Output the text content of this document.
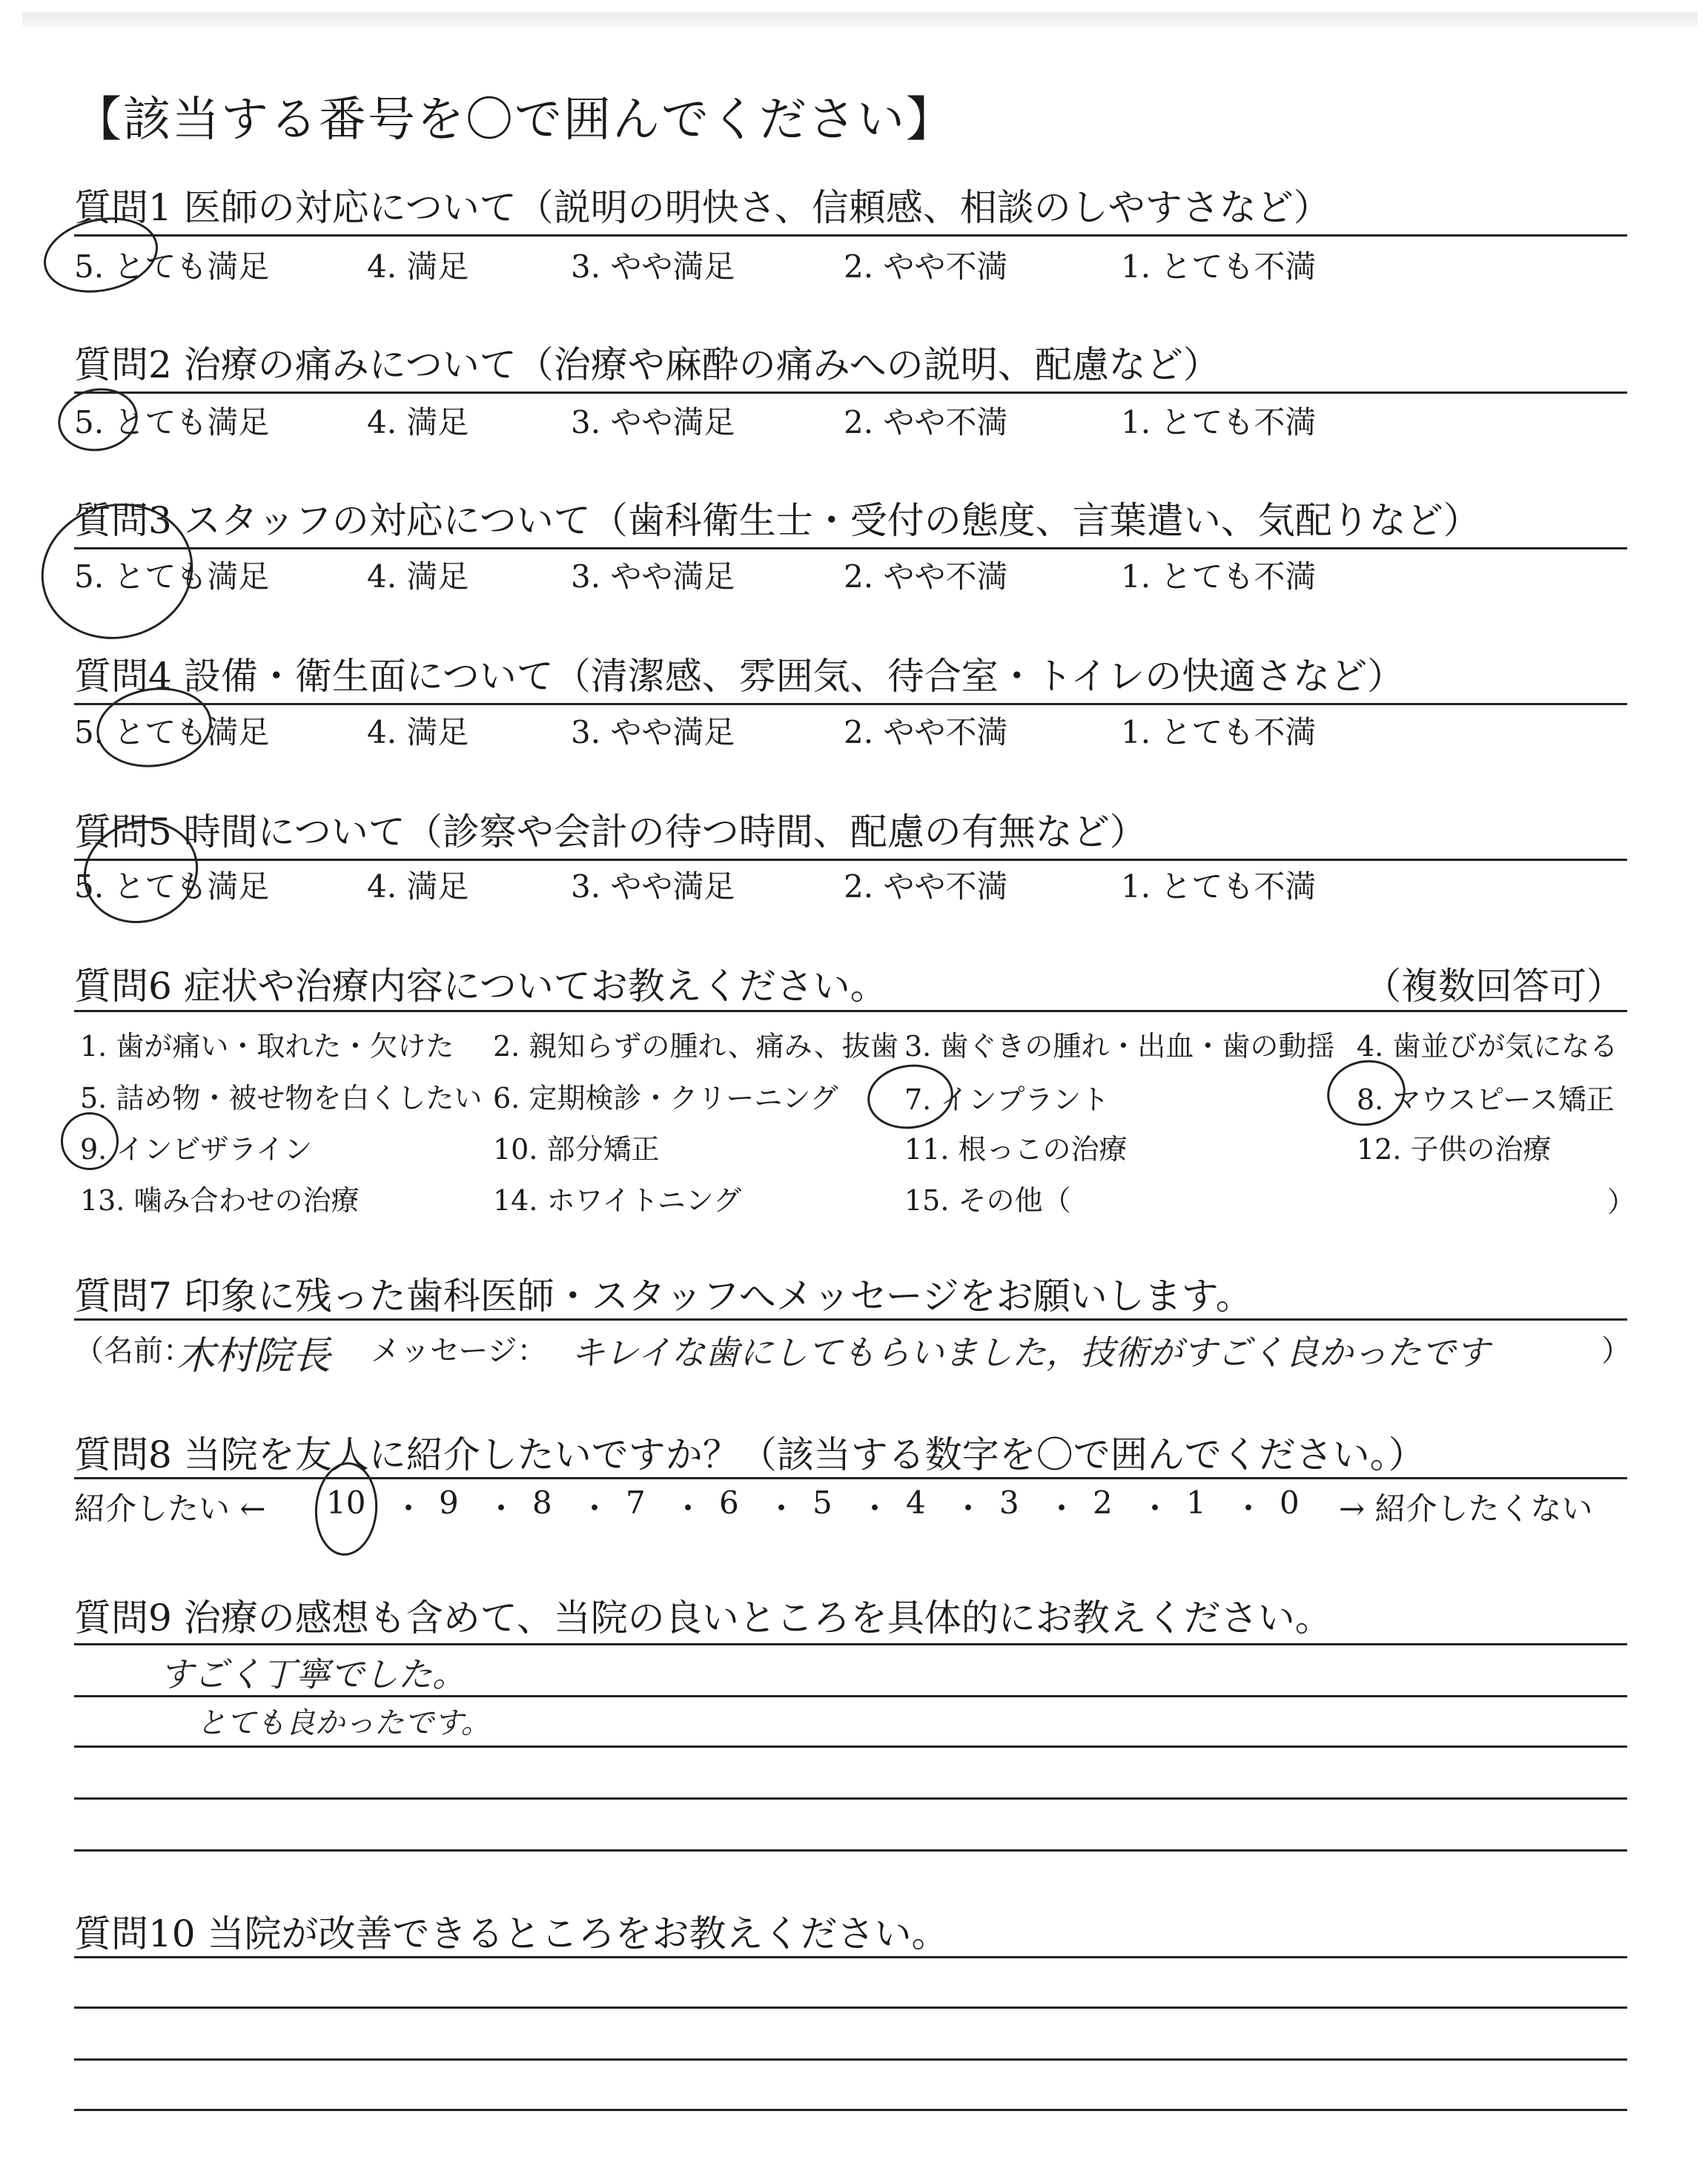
【該当する番号を〇で囲んでください】
質問1 医師の対応について（説明の明快さ、信頼感、相談のしやすさなど）
5. とても満足	4. 満足	3. やや満足	2. やや不満	1. とても不満
質問2 治療の痛みについて（治療や麻酔の痛みへの説明、配慮など）
5. とても満足	4. 満足	3. やや満足	2. やや不満	1. とても不満
質問3 スタッフの対応について（歯科衛生士・受付の態度、言葉遣い、気配りなど）
5. とても満足	4. 満足	3. やや満足	2. やや不満	1. とても不満
質問4 設備・衛生面について（清潔感、雰囲気、待合室・トイレの快適さなど）
5. とても満足	4. 満足	3. やや満足	2. やや不満	1. とても不満
質問5 時間について（診察や会計の待つ時間、配慮の有無など）
5. とても満足	4. 満足	3. やや満足	2. やや不満	1. とても不満
質問6 症状や治療内容についてお教えください。	（複数回答可）
1. 歯が痛い・取れた・欠けた 2. 親知らずの腫れ、痛み、抜歯 3. 歯ぐきの腫れ・出血・歯の動揺 4. 歯並びが気になる
5. 詰め物・被せ物を白くしたい 6. 定期検診・クリーニング 7. インプラント	8. マウスピース矯正
9. インビザライン	10. 部分矯正	11. 根っこの治療	12. 子供の治療
13. 噛み合わせの治療	14. ホワイトニング	15. その他（	）
質問7 印象に残った歯科医師・スタッフへメッセージをお願いします。
（名前：
木村院長 メッセージ： キレイな歯にしてもらいました，技術がすごく良かったです	）
質問8 当院を友人に紹介したいですか？（該当する数字を〇で囲んでください。）
紹介したい ← 10 ・ 9 ・ 8 ・ 7 ・ 6 ・ 5 ・ 4 ・ 3 ・ 2 ・ 1 ・ 0 → 紹介したくない
質問9 治療の感想も含めて、当院の良いところを具体的にお教えください。
すごく丁寧でした。
とても良かったです。
質問10 当院が改善できるところをお教えください。
